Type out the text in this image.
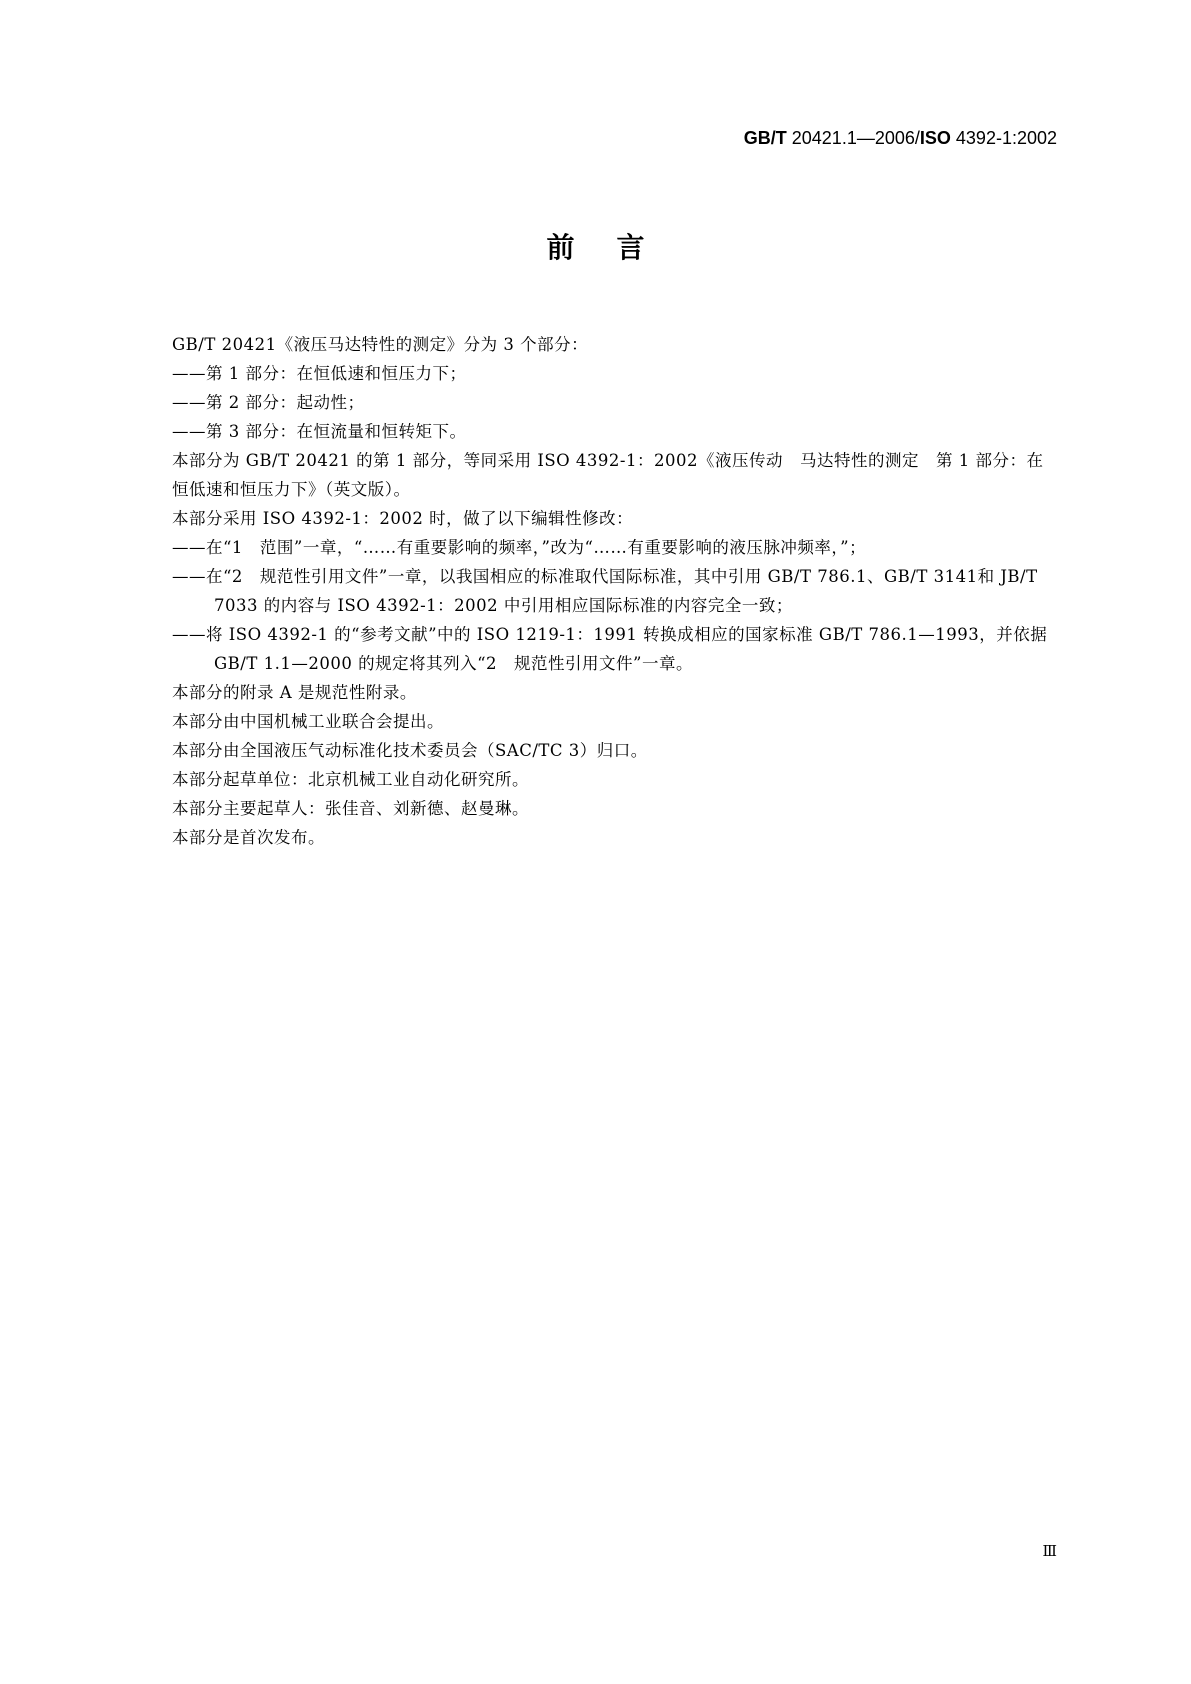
GB/T 20421.1—2006/ISO 4392-1:2002
前言

GB/T 20421《液压马达特性的测定》分为 3 个部分：

——第 1 部分：在恒低速和恒压力下；

——第 2 部分：起动性；

——第 3 部分：在恒流量和恒转矩下。

本部分为 GB/T 20421 的第 1 部分，等同采用 ISO 4392-1：2002《液压传动　马达特性的测定　第 1 部分：在恒低速和恒压力下》（英文版）。

本部分采用 ISO 4392-1：2002 时，做了以下编辑性修改：

——在“1　范围”一章，“……有重要影响的频率，”改为“……有重要影响的液压脉冲频率，”；

——在“2　规范性引用文件”一章，以我国相应的标准取代国际标准，其中引用 GB/T 786.1、GB/T 3141和 JB/T 7033 的内容与 ISO 4392-1：2002 中引用相应国际标准的内容完全一致；

——将 ISO 4392-1 的“参考文献”中的 ISO 1219-1：1991 转换成相应的国家标准 GB/T 786.1—1993，并依据 GB/T 1.1—2000 的规定将其列入“2　规范性引用文件”一章。

本部分的附录 A 是规范性附录。

本部分由中国机械工业联合会提出。

本部分由全国液压气动标准化技术委员会（SAC/TC 3）归口。

本部分起草单位：北京机械工业自动化研究所。

本部分主要起草人：张佳音、刘新德、赵曼琳。

本部分是首次发布。

Ⅲ
